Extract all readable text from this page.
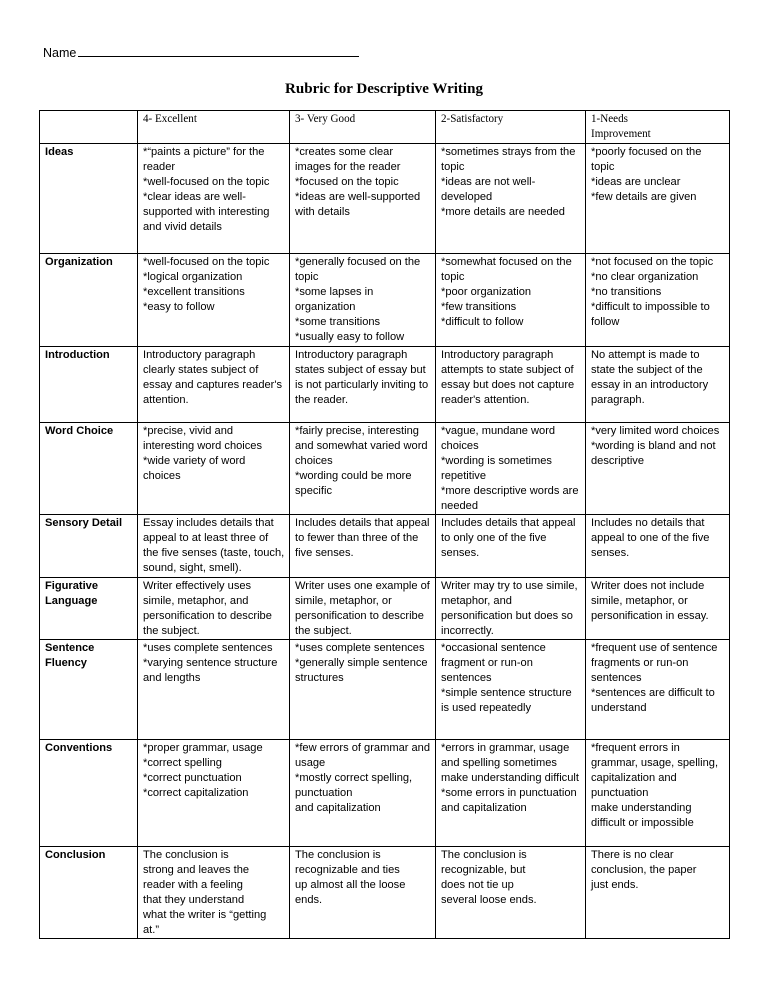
Name
Rubric for Descriptive Writing

	4- Excellent	3- Very Good	2-Satisfactory	1-Needs
Improvement

Ideas	*“paints a picture” for the reader
*well-focused on the topic
*clear ideas are well-supported with interesting and vivid details	*creates some clear images for the reader
*focused on the topic
*ideas are well-supported with details	*sometimes strays from the topic
*ideas are not well-developed
*more details are needed	*poorly focused on the topic
*ideas are unclear
*few details are given

Organization	*well-focused on the topic
*logical organization
*excellent transitions
*easy to follow	*generally focused on the topic
*some lapses in organization
*some transitions
*usually easy to follow	*somewhat focused on the topic
*poor organization
*few transitions
*difficult to follow	*not focused on the topic
*no clear organization
*no transitions
*difficult to impossible to follow

Introduction	Introductory paragraph clearly states subject of essay and captures reader's attention.	Introductory paragraph states subject of essay but is not particularly inviting to the reader.	Introductory paragraph attempts to state subject of essay but does not capture reader's attention.	No attempt is made to state the subject of the essay in an introductory paragraph.

Word Choice	*precise, vivid and interesting word choices
*wide variety of word choices	*fairly precise, interesting and somewhat varied word choices
*wording could be more specific	*vague, mundane word choices
*wording is sometimes repetitive
*more descriptive words are needed	*very limited word choices
*wording is bland and not descriptive

Sensory Detail	Essay includes details that appeal to at least three of the five senses (taste, touch, sound, sight, smell).	Includes details that appeal to fewer than three of the five senses.	Includes details that appeal to only one of the five senses.	Includes no details that appeal to one of the five senses.

Figurative Language	Writer effectively uses simile, metaphor, and personification to describe the subject.	Writer uses one example of simile, metaphor, or personification to describe the subject.	Writer may try to use simile, metaphor, and personification but does so incorrectly.	Writer does not include simile, metaphor, or personification in essay.

Sentence Fluency	*uses complete sentences
*varying sentence structure and lengths	*uses complete sentences
*generally simple sentence structures	*occasional sentence fragment or run-on sentences
*simple sentence structure is used repeatedly	*frequent use of sentence fragments or run-on sentences
*sentences are difficult to understand

Conventions	*proper grammar, usage
*correct spelling
*correct punctuation
*correct capitalization	*few errors of grammar and usage
*mostly correct spelling, punctuation
and capitalization	*errors in grammar, usage and spelling sometimes make understanding difficult
*some errors in punctuation and capitalization	*frequent errors in grammar, usage, spelling, capitalization and punctuation
make understanding difficult or impossible

Conclusion	The conclusion is
strong and leaves the
reader with a feeling
that they understand
what the writer is “getting at.”	The conclusion is
recognizable and ties
up almost all the loose
ends.	The conclusion is
recognizable, but
does not tie up
several loose ends.	There is no clear
conclusion, the paper
just ends.
